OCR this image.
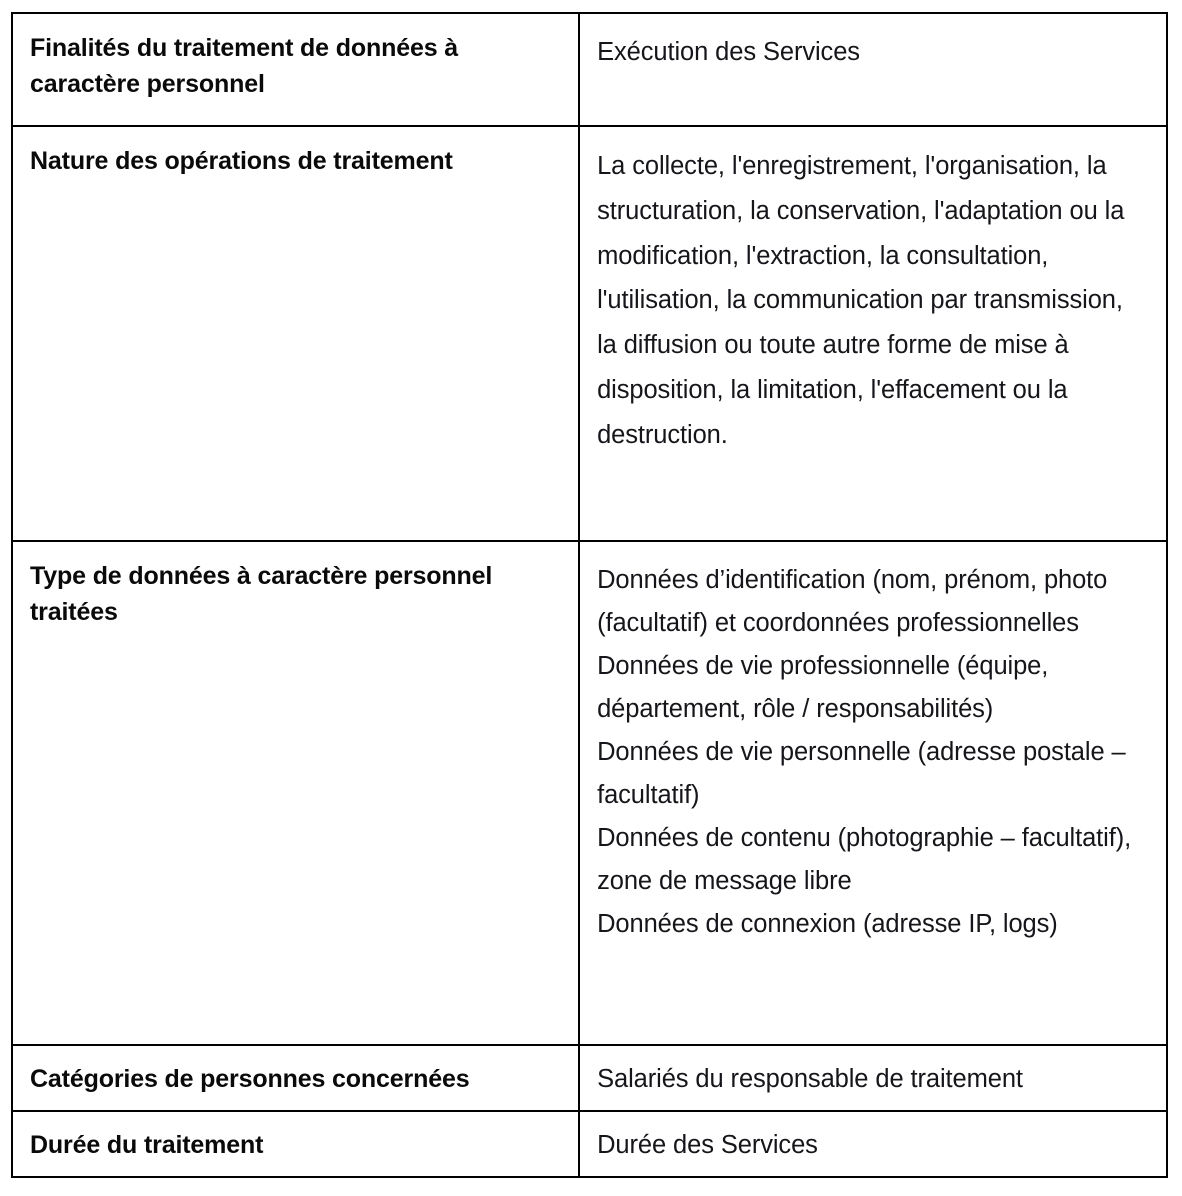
Finalités du traitement de données à caractère personnel	Exécution des Services

Nature des opérations de traitement	La collecte, l'enregistrement, l'organisation, la structuration, la conservation, l'adaptation ou la modification, l'extraction, la consultation, l'utilisation, la communication par transmission, la diffusion ou toute autre forme de mise à disposition, la limitation, l'effacement ou la destruction.

Type de données à caractère personnel traitées	Données d’identification (nom, prénom, photo (facultatif) et coordonnées professionnelles
Données de vie professionnelle (équipe, département, rôle / responsabilités)
Données de vie personnelle (adresse postale – facultatif)
Données de contenu (photographie – facultatif), zone de message libre
Données de connexion (adresse IP, logs)

Catégories de personnes concernées	Salariés du responsable de traitement

Durée du traitement	Durée des Services
